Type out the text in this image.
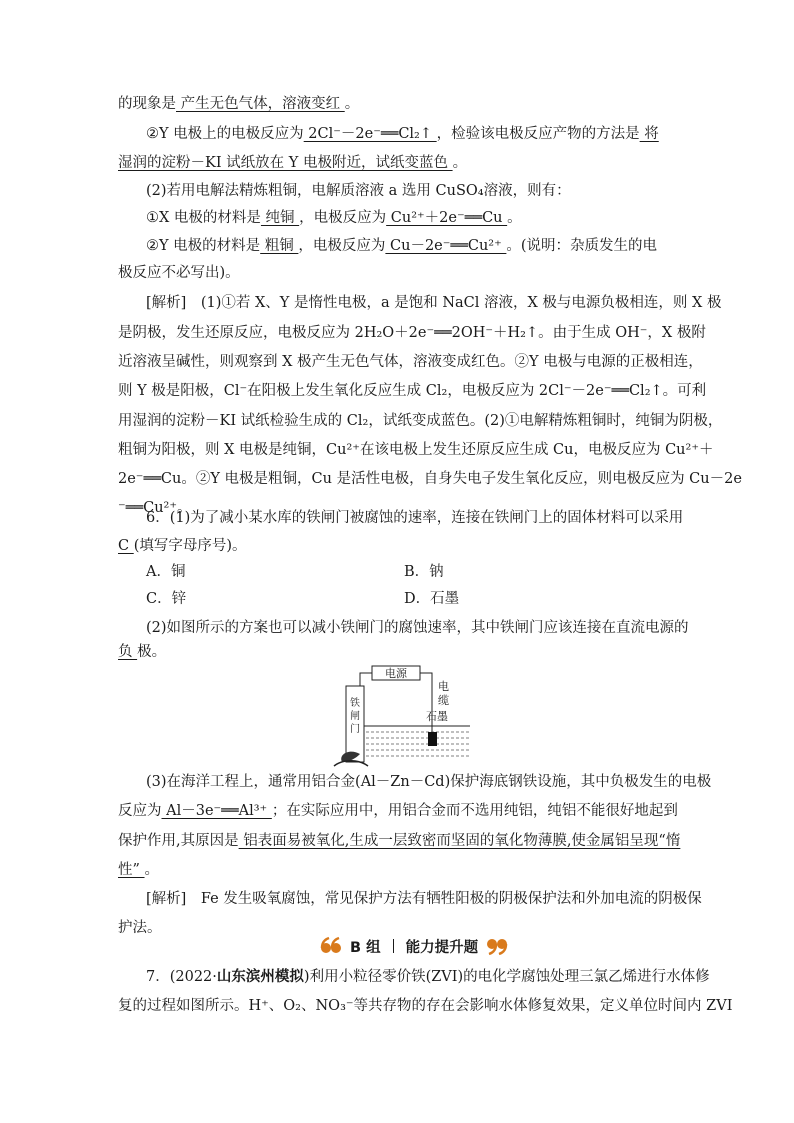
的现象是 产生无色气体，溶液变红 。
②Y 电极上的电极反应为 2Cl⁻－2e⁻══Cl₂↑ ，检验该电极反应产物的方法是 将
湿润的淀粉－KI 试纸放在 Y 电极附近，试纸变蓝色 。
(2)若用电解法精炼粗铜，电解质溶液 a 选用 CuSO₄溶液，则有：
①X 电极的材料是 纯铜 ，电极反应为 Cu²⁺＋2e⁻══Cu 。
②Y 电极的材料是 粗铜 ，电极反应为 Cu－2e⁻══Cu²⁺ 。(说明：杂质发生的电
极反应不必写出)。
[解析]　(1)①若 X、Y 是惰性电极，a 是饱和 NaCl 溶液，X 极与电源负极相连，则 X 极
是阴极，发生还原反应，电极反应为 2H₂O＋2e⁻══2OH⁻＋H₂↑。由于生成 OH⁻，X 极附
近溶液呈碱性，则观察到 X 极产生无色气体，溶液变成红色。②Y 电极与电源的正极相连，
则 Y 极是阳极，Cl⁻在阳极上发生氧化反应生成 Cl₂，电极反应为 2Cl⁻－2e⁻══Cl₂↑。可利
用湿润的淀粉－KI 试纸检验生成的 Cl₂，试纸变成蓝色。(2)①电解精炼粗铜时，纯铜为阴极，
粗铜为阳极，则 X 电极是纯铜，Cu²⁺在该电极上发生还原反应生成 Cu，电极反应为 Cu²⁺＋
2e⁻══Cu。②Y 电极是粗铜，Cu 是活性电极，自身失电子发生氧化反应，则电极反应为 Cu－2e
⁻══Cu²⁺。
6．(1)为了减小某水库的铁闸门被腐蚀的速率，连接在铁闸门上的固体材料可以采用
C (填写字母序号)。
A．铜	B．钠
C．锌	D．石墨
(2)如图所示的方案也可以减小铁闸门的腐蚀速率，其中铁闸门应该连接在直流电源的
负 极。
电源
电
缆
石墨
铁
闸
门
(3)在海洋工程上，通常用铝合金(Al－Zn－Cd)保护海底钢铁设施，其中负极发生的电极
反应为 Al－3e⁻══Al³⁺ ；在实际应用中，用铝合金而不选用纯铝，纯铝不能很好地起到
保护作用,其原因是 铝表面易被氧化,生成一层致密而坚固的氧化物薄膜,使金属铝呈现“惰
性” 。
[解析]　Fe 发生吸氧腐蚀，常见保护方法有牺牲阳极的阴极保护法和外加电流的阴极保
护法。
B 组 能力提升题
7．(2022·山东滨州模拟)利用小粒径零价铁(ZVI)的电化学腐蚀处理三氯乙烯进行水体修
复的过程如图所示。H⁺、O₂、NO₃⁻等共存物的存在会影响水体修复效果，定义单位时间内 ZVI
